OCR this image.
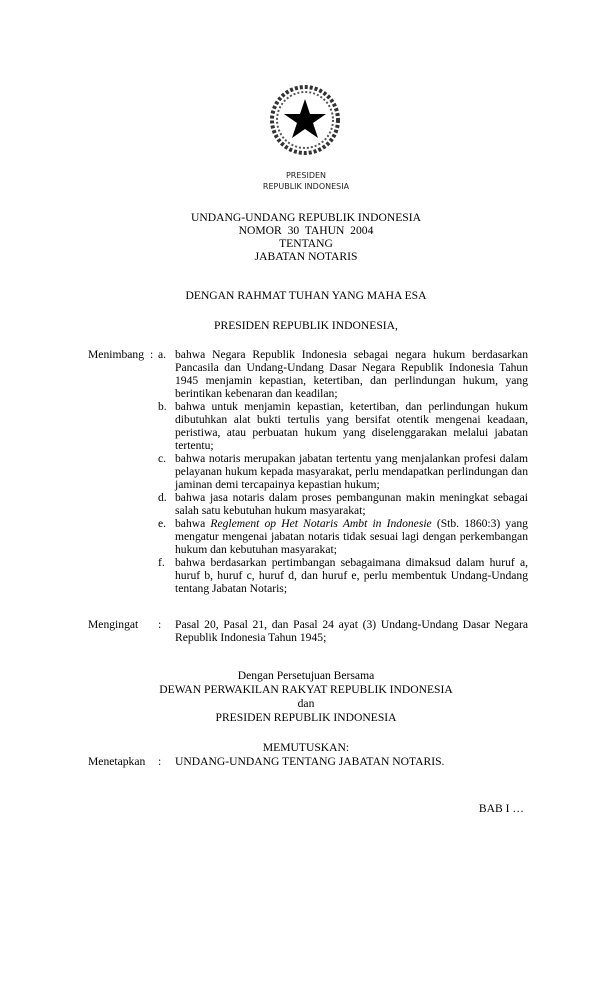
PRESIDEN
REPUBLIK INDONESIA
UNDANG-UNDANG REPUBLIK INDONESIA
NOMOR  30  TAHUN  2004
TENTANG
JABATAN NOTARIS
DENGAN RAHMAT TUHAN YANG MAHA ESA
PRESIDEN REPUBLIK INDONESIA,
Menimbang : a. bahwa Negara Republik Indonesia sebagai negara hukum berdasarkan Pancasila dan Undang-Undang Dasar Negara Republik Indonesia Tahun 1945 menjamin kepastian, ketertiban, dan perlindungan hukum, yang berintikan kebenaran dan keadilan;
b. bahwa untuk menjamin kepastian, ketertiban, dan perlindungan hukum dibutuhkan alat bukti tertulis yang bersifat otentik mengenai keadaan, peristiwa, atau perbuatan hukum yang diselenggarakan melalui jabatan tertentu;
c. bahwa notaris merupakan jabatan tertentu yang menjalankan profesi dalam pelayanan hukum kepada masyarakat, perlu mendapatkan perlindungan dan jaminan demi tercapainya kepastian hukum;
d. bahwa jasa notaris dalam proses pembangunan makin meningkat sebagai salah satu kebutuhan hukum masyarakat;
e. bahwa Reglement op Het Notaris Ambt in Indonesie (Stb. 1860:3) yang mengatur mengenai jabatan notaris tidak sesuai lagi dengan perkembangan hukum dan kebutuhan masyarakat;
f. bahwa berdasarkan pertimbangan sebagaimana dimaksud dalam huruf a, huruf b, huruf c, huruf d, dan huruf e, perlu membentuk Undang-Undang tentang Jabatan Notaris;
Mengingat : Pasal 20, Pasal 21, dan Pasal 24 ayat (3) Undang-Undang Dasar Negara Republik Indonesia Tahun 1945;
Dengan Persetujuan Bersama
DEWAN PERWAKILAN RAKYAT REPUBLIK INDONESIA
dan
PRESIDEN REPUBLIK INDONESIA
MEMUTUSKAN:
Menetapkan : UNDANG-UNDANG TENTANG JABATAN NOTARIS.
BAB I …
